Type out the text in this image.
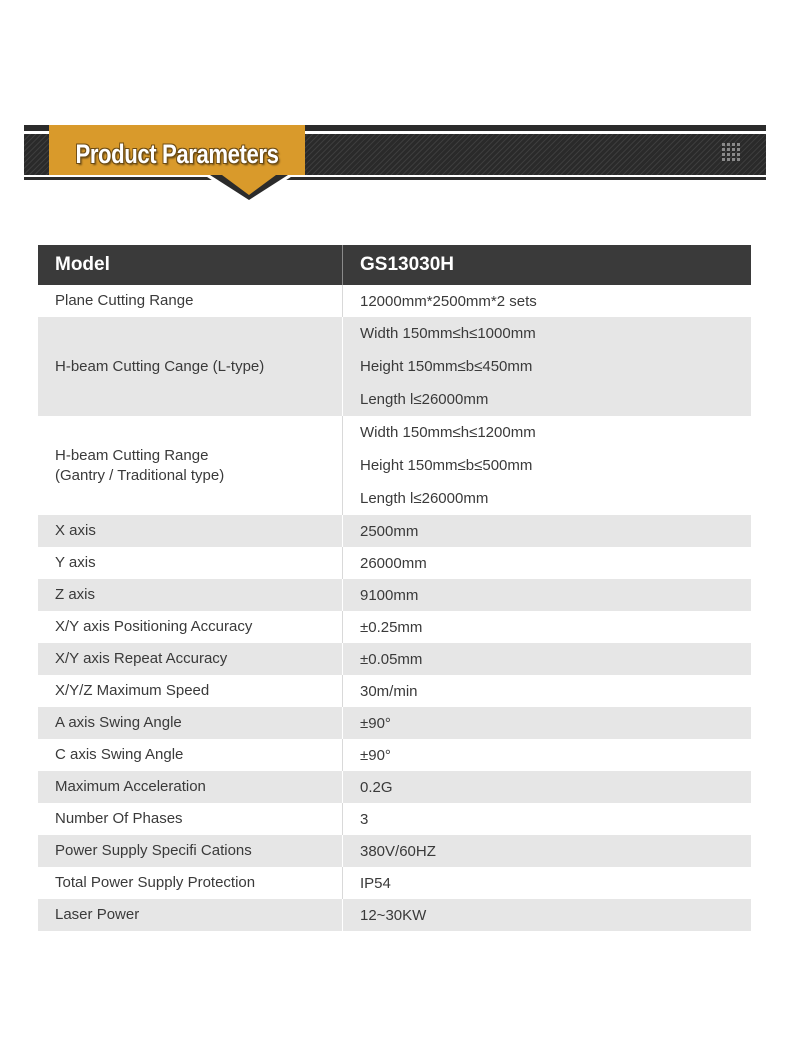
Product Parameters
Model	GS13030H

Plane Cutting Range	12000mm*2500mm*2 sets

H-beam Cutting Cange (L-type)	Width 150mm≤h≤1000mm
Height 150mm≤b≤450mm
Length l≤26000mm

H-beam Cutting Range
(Gantry / Traditional type)	Width 150mm≤h≤1200mm
Height 150mm≤b≤500mm
Length l≤26000mm

X axis	2500mm

Y axis	26000mm

Z axis	9100mm

X/Y axis Positioning Accuracy	±0.25mm

X/Y axis Repeat Accuracy	±0.05mm

X/Y/Z Maximum Speed	30m/min

A axis Swing Angle	±90°

C axis Swing Angle	±90°

Maximum Acceleration	0.2G

Number Of Phases	3

Power Supply Specifi Cations	380V/60HZ

Total Power Supply Protection	IP54

Laser Power	12~30KW
